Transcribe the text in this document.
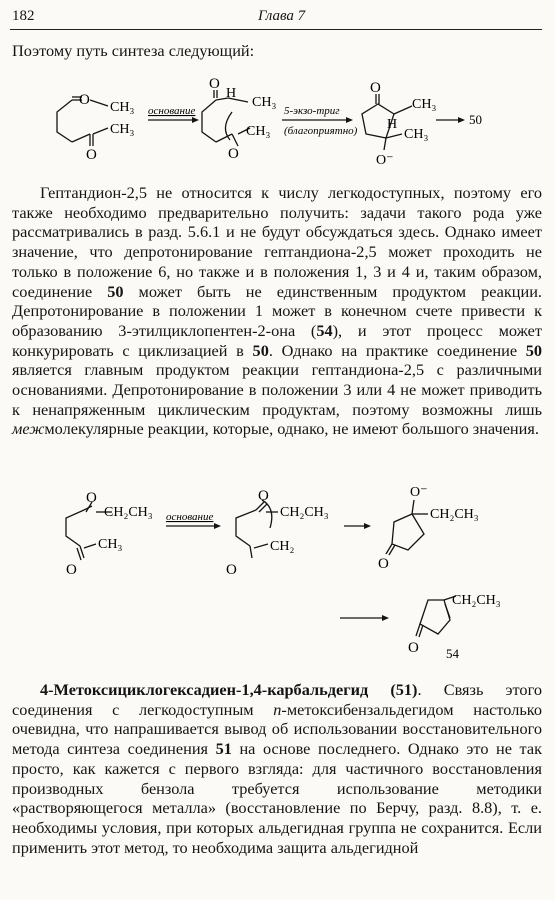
182	Глава 7
Поэтому путь синтеза следующий:
O CH₃
CH₃
O
основание
O
H
CH₃
CH₃
O
5-экзо-триг
(благоприятно)
O
CH₃
H
CH₃
O⁻
50
Гептандион-2,5 не относится к числу легкодоступных, поэтому его также необходимо предварительно получить: задачи такого рода уже рассматривались в разд. 5.6.1 и не будут обсуждаться здесь. Однако имеет значение, что депротонирование гептандиона-2,5 может проходить не только в положение 6, но также и в положения 1, 3 и 4 и, таким образом, соединение 50 может быть не единственным продуктом реакции. Депротонирование в положении 1 может в конечном счете привести к образованию 3-этилциклопентен-2-она (54), и этот процесс может конкурировать с циклизацией в 50. Однако на практике соединение 50 является главным продуктом реакции гептандиона-2,5 с различными основаниями. Депротонирование в положении 3 или 4 не может приводить к ненапряженным циклическим продуктам, поэтому возможны лишь межмолекулярные реакции, которые, однако, не имеют большого значения.
O
CH₂CH₃
CH₃
O
основание
O
CH₂CH₃
CH₂
O
O⁻
CH₂CH₃
O
CH₂CH₃
O 54
4-Метоксициклогексадиен-1,4-карбальдегид (51). Связь этого соединения с легкодоступным п-метоксибензальдегидом настолько очевидна, что напрашивается вывод об использовании восстановительного метода синтеза соединения 51 на основе последнего. Однако это не так просто, как кажется с первого взгляда: для частичного восстановления производных бензола требуется использование методики «растворяющегося металла» (восстановление по Берчу, разд. 8.8), т. е. необходимы условия, при которых альдегидная группа не сохранится. Если применить этот метод, то необходима защита альдегидной
